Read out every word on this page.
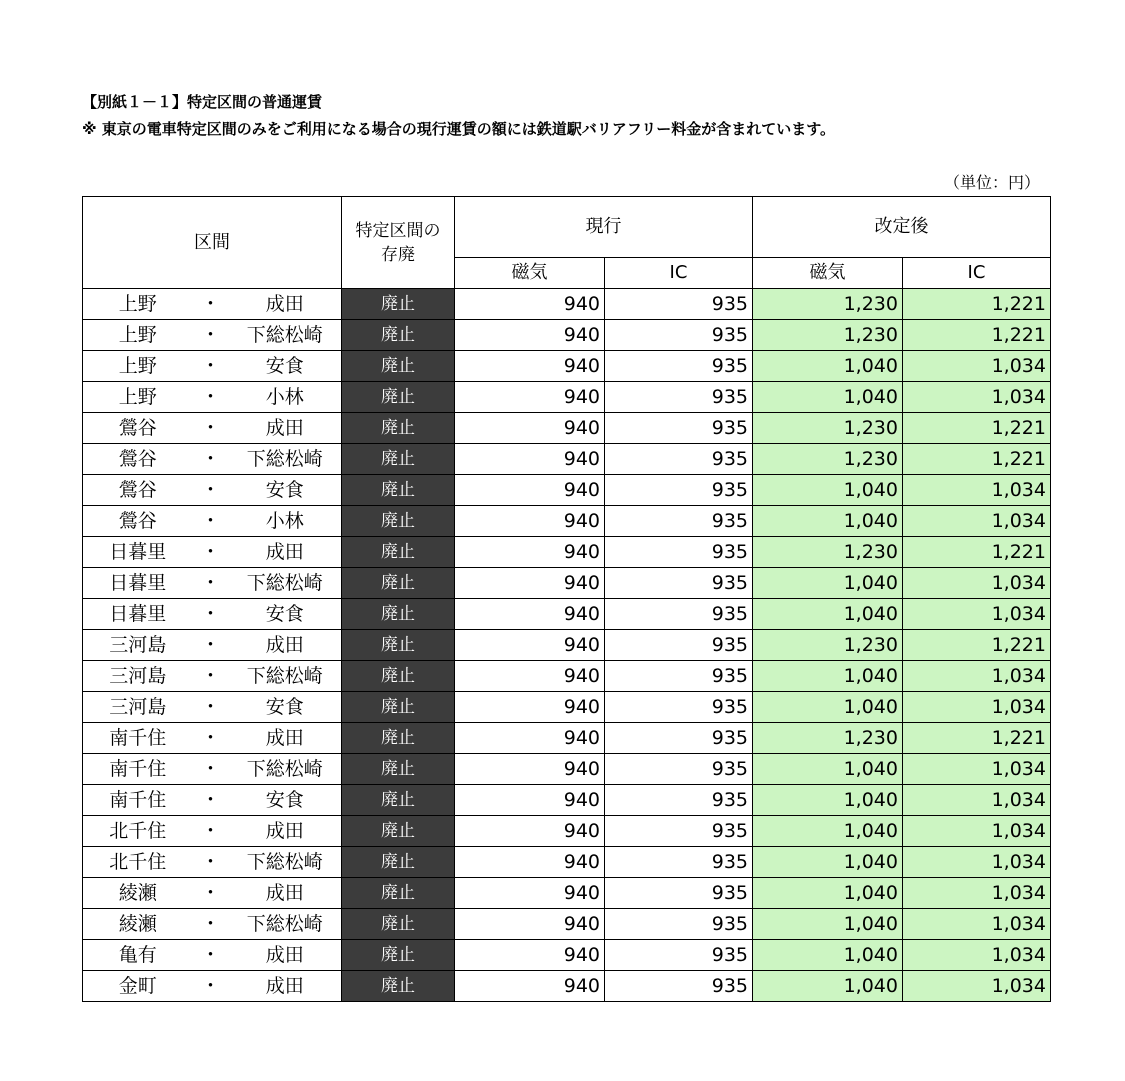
【別紙１－１】特定区間の普通運賃
※ 東京の電車特定区間のみをご利用になる場合の現行運賃の額には鉄道駅バリアフリー料金が含まれています。
（単位：円）
区間			特定区間の存廃	現行		改定後	
				磁気	IC	磁気	IC
上野	・	成田	廃止	940	935	1,230	1,221
上野	・	下総松崎	廃止	940	935	1,230	1,221
上野	・	安食	廃止	940	935	1,040	1,034
上野	・	小林	廃止	940	935	1,040	1,034
鶯谷	・	成田	廃止	940	935	1,230	1,221
鶯谷	・	下総松崎	廃止	940	935	1,230	1,221
鶯谷	・	安食	廃止	940	935	1,040	1,034
鶯谷	・	小林	廃止	940	935	1,040	1,034
日暮里	・	成田	廃止	940	935	1,230	1,221
日暮里	・	下総松崎	廃止	940	935	1,040	1,034
日暮里	・	安食	廃止	940	935	1,040	1,034
三河島	・	成田	廃止	940	935	1,230	1,221
三河島	・	下総松崎	廃止	940	935	1,040	1,034
三河島	・	安食	廃止	940	935	1,040	1,034
南千住	・	成田	廃止	940	935	1,230	1,221
南千住	・	下総松崎	廃止	940	935	1,040	1,034
南千住	・	安食	廃止	940	935	1,040	1,034
北千住	・	成田	廃止	940	935	1,040	1,034
北千住	・	下総松崎	廃止	940	935	1,040	1,034
綾瀬	・	成田	廃止	940	935	1,040	1,034
綾瀬	・	下総松崎	廃止	940	935	1,040	1,034
亀有	・	成田	廃止	940	935	1,040	1,034
金町	・	成田	廃止	940	935	1,040	1,034
